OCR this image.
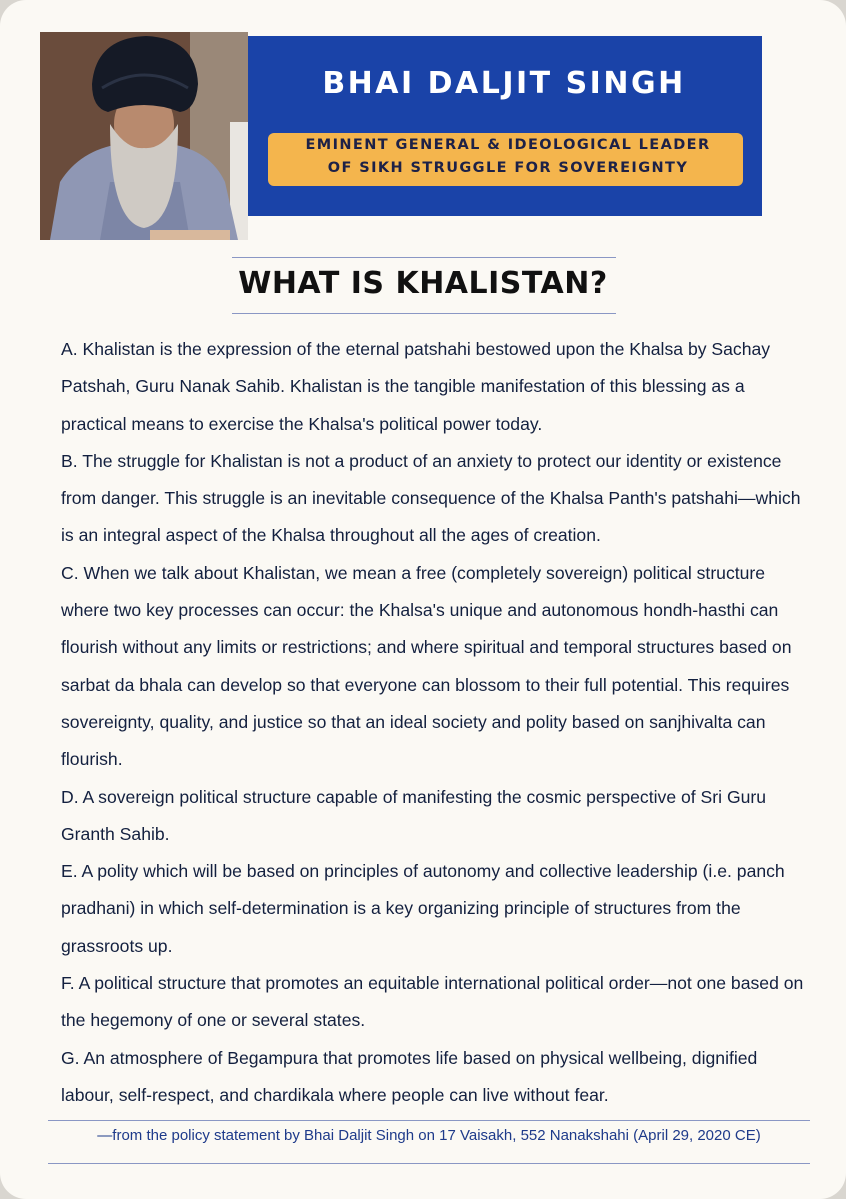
BHAI DALJIT SINGH
EMINENT GENERAL & IDEOLOGICAL LEADER
OF SIKH STRUGGLE FOR SOVEREIGNTY
WHAT IS KHALISTAN?

A. Khalistan is the expression of the eternal patshahi bestowed upon the Khalsa by Sachay Patshah, Guru Nanak Sahib. Khalistan is the tangible manifestation of this blessing as a practical means to exercise the Khalsa's political power today.

B. The struggle for Khalistan is not a product of an anxiety to protect our identity or existence from danger. This struggle is an inevitable consequence of the Khalsa Panth's patshahi—which is an integral aspect of the Khalsa throughout all the ages of creation.

C. When we talk about Khalistan, we mean a free (completely sovereign) political structure where two key processes can occur: the Khalsa's unique and autonomous hondh-hasthi can flourish without any limits or restrictions; and where spiritual and temporal structures based on sarbat da bhala can develop so that everyone can blossom to their full potential. This requires sovereignty, quality, and justice so that an ideal society and polity based on sanjhivalta can flourish.

D. A sovereign political structure capable of manifesting the cosmic perspective of Sri Guru Granth Sahib.

E. A polity which will be based on principles of autonomy and collective leadership (i.e. panch pradhani) in which self-determination is a key organizing principle of structures from the grassroots up.

F. A political structure that promotes an equitable international political order—not one based on the hegemony of one or several states.

G. An atmosphere of Begampura that promotes life based on physical wellbeing, dignified labour, self-respect, and chardikala where people can live without fear.

—from the policy statement by Bhai Daljit Singh on 17 Vaisakh, 552 Nanakshahi (April 29, 2020 CE)
